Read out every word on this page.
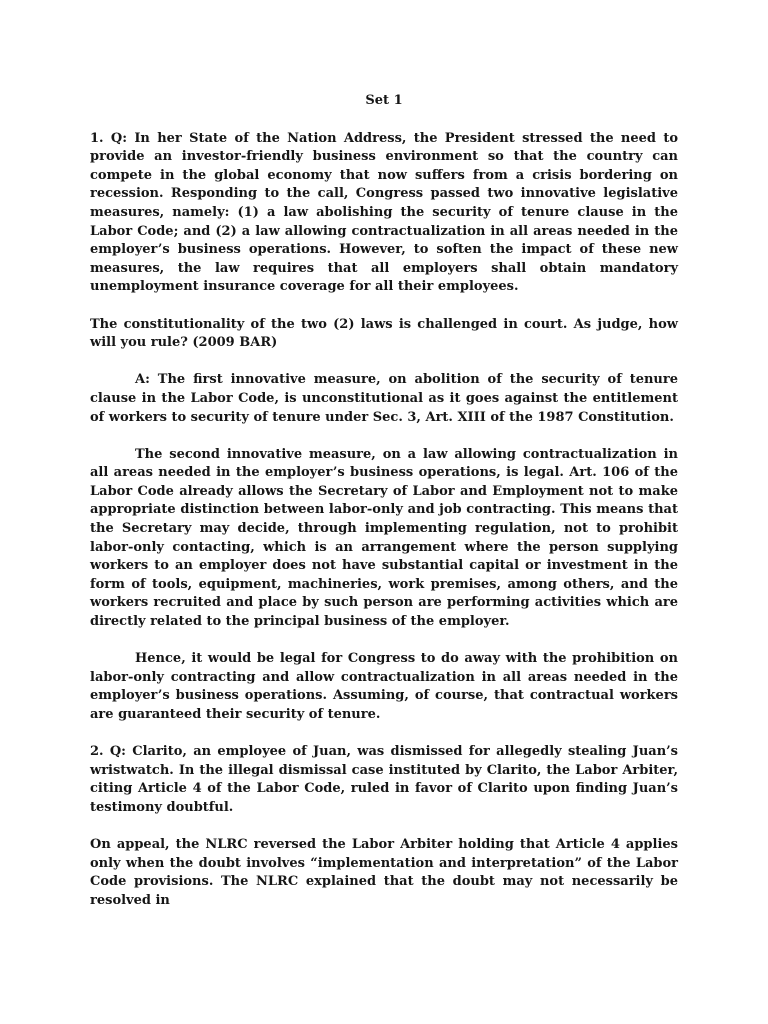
Set 1

1. Q: In her State of the Nation Address, the President stressed the need to provide an investor-friendly business environment so that the country can compete in the global economy that now suffers from a crisis bordering on recession. Responding to the call, Congress passed two innovative legislative measures, namely: (1) a law abolishing the security of tenure clause in the Labor Code; and (2) a law allowing contractualization in all areas needed in the employer’s business operations. However, to soften the impact of these new measures, the law requires that all employers shall obtain mandatory unemployment insurance coverage for all their employees.

The constitutionality of the two (2) laws is challenged in court. As judge, how will you rule? (2009 BAR)

A: The first innovative measure, on abolition of the security of tenure clause in the Labor Code, is unconstitutional as it goes against the entitlement of workers to security of tenure under Sec. 3, Art. XIII of the 1987 Constitution.

The second innovative measure, on a law allowing contractualization in all areas needed in the employer’s business operations, is legal. Art. 106 of the Labor Code already allows the Secretary of Labor and Employment not to make appropriate distinction between labor-only and job contracting. This means that the Secretary may decide, through implementing regulation, not to prohibit labor-only contacting, which is an arrangement where the person supplying workers to an employer does not have substantial capital or investment in the form of tools, equipment, machineries, work premises, among others, and the workers recruited and place by such person are performing activities which are directly related to the principal business of the employer.

Hence, it would be legal for Congress to do away with the prohibition on labor-only contracting and allow contractualization in all areas needed in the employer’s business operations. Assuming, of course, that contractual workers are guaranteed their security of tenure.

2. Q: Clarito, an employee of Juan, was dismissed for allegedly stealing Juan’s wristwatch. In the illegal dismissal case instituted by Clarito, the Labor Arbiter, citing Article 4 of the Labor Code, ruled in favor of Clarito upon finding Juan’s testimony doubtful.

On appeal, the NLRC reversed the Labor Arbiter holding that Article 4 applies only when the doubt involves “implementation and interpretation” of the Labor Code provisions. The NLRC explained that the doubt may not necessarily be resolved in
